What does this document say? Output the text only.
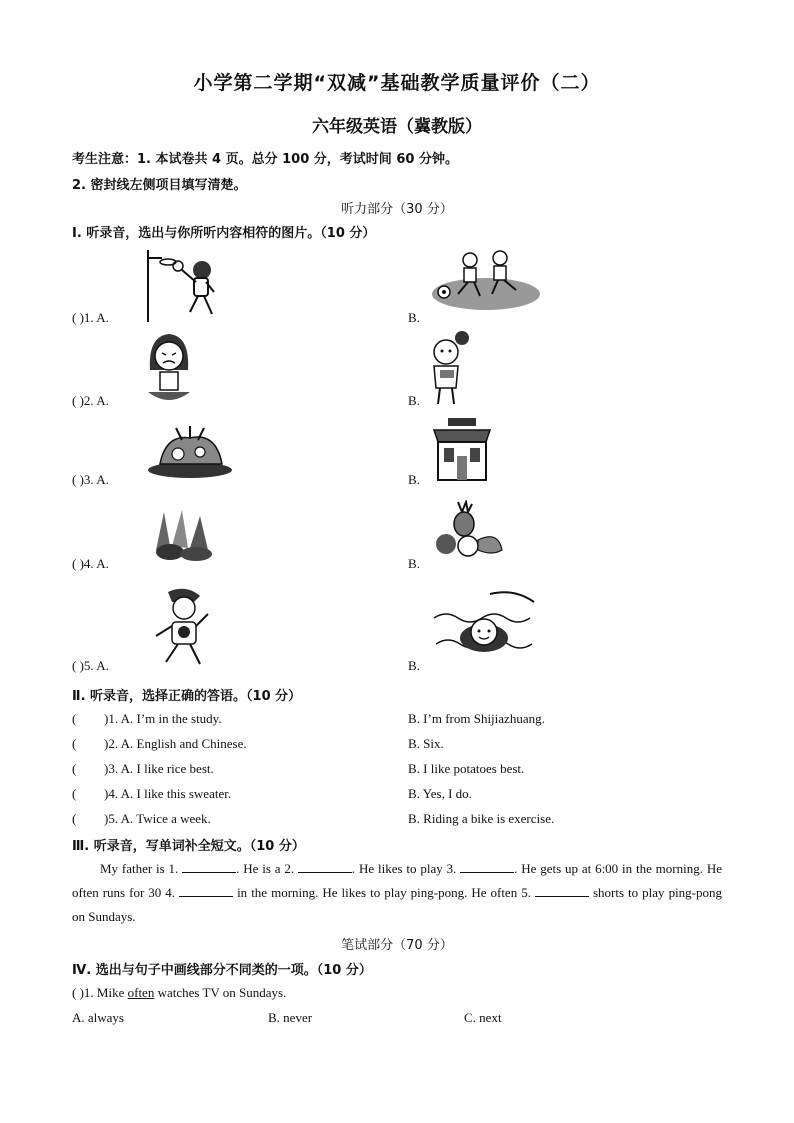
小学第二学期“双减”基础教学质量评价（二）
六年级英语（冀教版）
考生注意：1. 本试卷共 4 页。总分 100 分，考试时间 60 分钟。
2. 密封线左侧项目填写清楚。
听力部分（30 分）
Ⅰ. 听录音，选出与你所听内容相符的图片。（10 分）
( )1. A.	B.
( )2. A.	B.
( )3. A.	B.
( )4. A.	B.
( )5. A.	B.
Ⅱ. 听录音，选择正确的答语。（10 分）
( )1. A. I’m in the study.	B. I’m from Shijiazhuang.
( )2. A. English and Chinese.	B. Six.
( )3. A. I like rice best.	B. I like potatoes best.
( )4. A. I like this sweater.	B. Yes, I do.
( )5. A. Twice a week.	B. Riding a bike is exercise.
Ⅲ. 听录音，写单词补全短文。（10 分）
My father is 1.	. He is a 2.	. He likes to play 3.	. He gets up at 6:00 in the morning. He often runs for 30 4.	in the morning. He likes to play ping-pong. He often 5.	shorts to play ping-pong on Sundays.
笔试部分（70 分）
Ⅳ. 选出与句子中画线部分不同类的一项。（10 分）
( )1. Mike often watches TV on Sundays.
A. always	B. never	C. next
